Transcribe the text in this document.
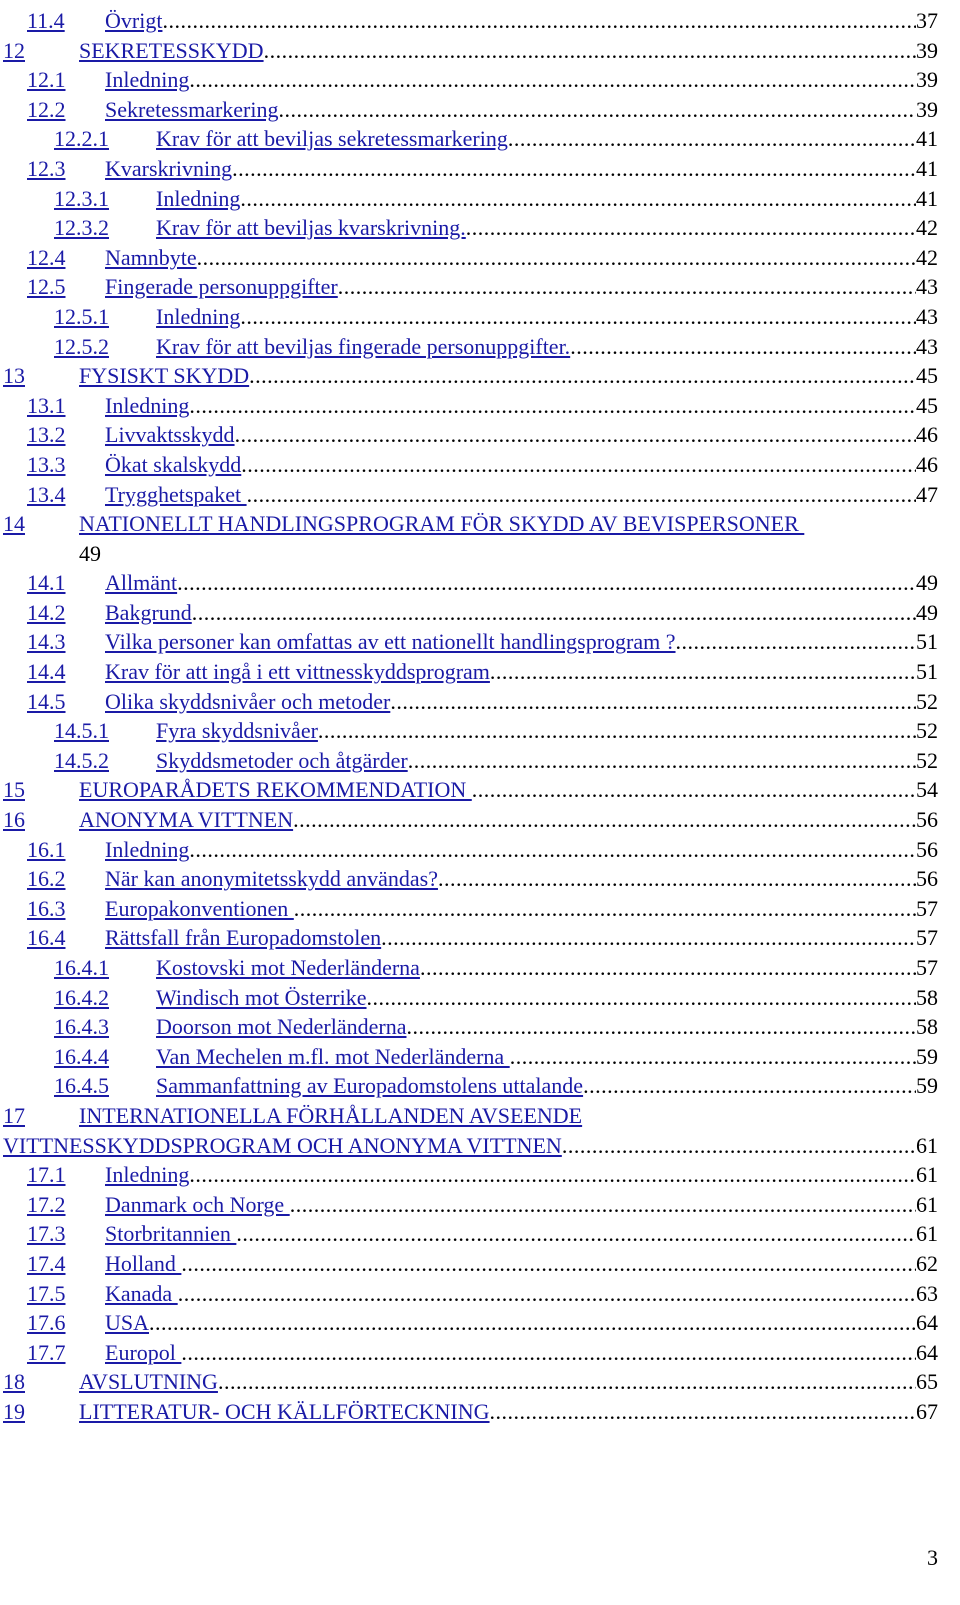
11.4 Övrigt .....	37
12 SEKRETESSKYDD .....	39
12.1 Inledning .....	39
12.2 Sekretessmarkering .....	39
12.2.1 Krav för att beviljas sekretessmarkering .....	41
12.3 Kvarskrivning .....	41
12.3.1 Inledning .....	41
12.3.2 Krav för att beviljas kvarskrivning. .....	42
12.4 Namnbyte .....	42
12.5 Fingerade personuppgifter .....	43
12.5.1 Inledning .....	43
12.5.2 Krav för att beviljas fingerade personuppgifter. .....	43
13 FYSISKT SKYDD .....	45
13.1 Inledning .....	45
13.2 Livvaktsskydd .....	46
13.3 Ökat skalskydd .....	46
13.4 Trygghetspaket .....	47
14 NATIONELLT HANDLINGSPROGRAM FÖR SKYDD AV BEVISPERSONER
49
14.1 Allmänt .....	49
14.2 Bakgrund .....	49
14.3 Vilka personer kan omfattas av ett nationellt handlingsprogram ? .....	51
14.4 Krav för att ingå i ett vittnesskyddsprogram .....	51
14.5 Olika skyddsnivåer och metoder .....	52
14.5.1 Fyra skyddsnivåer .....	52
14.5.2 Skyddsmetoder och åtgärder .....	52
15 EUROPARÅDETS REKOMMENDATION .....	54
16 ANONYMA VITTNEN .....	56
16.1 Inledning .....	56
16.2 När kan anonymitetsskydd användas? .....	56
16.3 Europakonventionen .....	57
16.4 Rättsfall från Europadomstolen .....	57
16.4.1 Kostovski mot Nederländerna .....	57
16.4.2 Windisch mot Österrike .....	58
16.4.3 Doorson mot Nederländerna .....	58
16.4.4 Van Mechelen m.fl. mot Nederländerna .....	59
16.4.5 Sammanfattning av Europadomstolens uttalande .....	59
17 INTERNATIONELLA FÖRHÅLLANDEN AVSEENDE
VITTNESSKYDDSPROGRAM OCH ANONYMA VITTNEN .....	61
17.1 Inledning .....	61
17.2 Danmark och Norge .....	61
17.3 Storbritannien .....	61
17.4 Holland .....	62
17.5 Kanada .....	63
17.6 USA .....	64
17.7 Europol .....	64
18 AVSLUTNING .....	65
19 LITTERATUR- OCH KÄLLFÖRTECKNING .....	67
3
